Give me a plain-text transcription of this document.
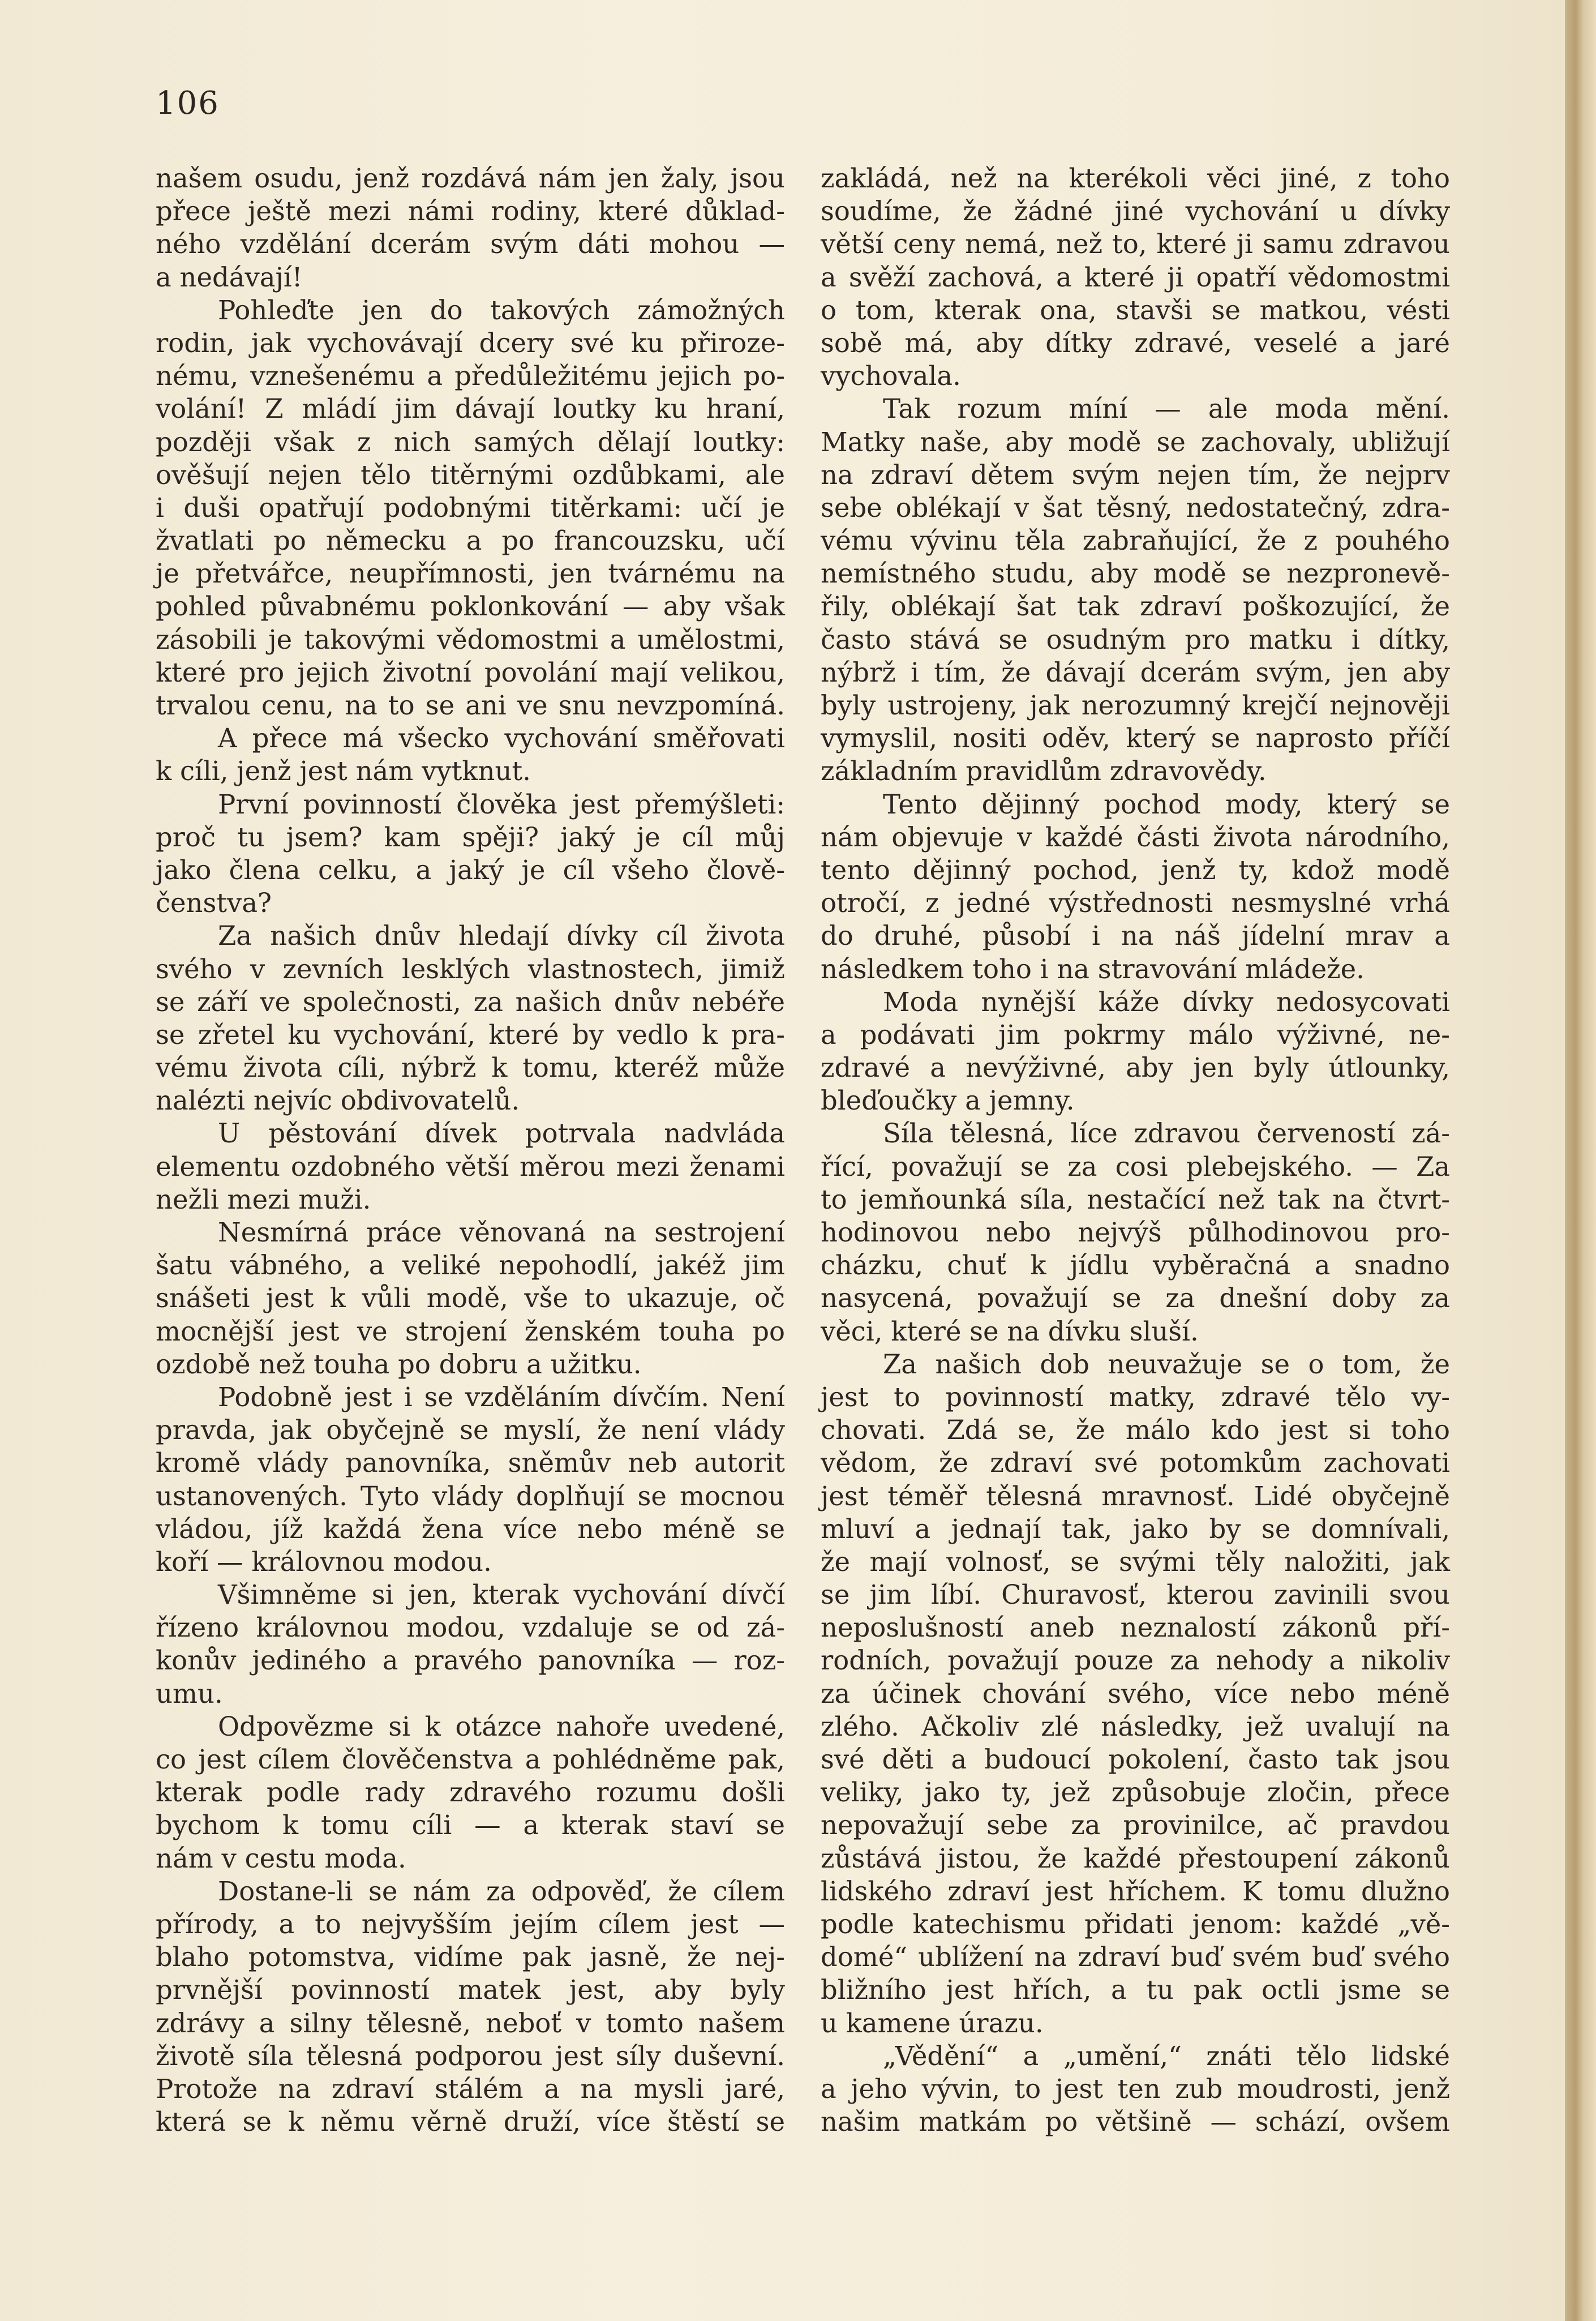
106
našem osudu, jenž rozdává nám jen žaly, jsou
přece ještě mezi námi rodiny, které důklad-
ného vzdělání dcerám svým dáti mohou —
a nedávají!
Pohleďte jen do takových zámožných
rodin, jak vychovávají dcery své ku přiroze-
nému, vznešenému a předůležitému jejich po-
volání! Z mládí jim dávají loutky ku hraní,
později však z nich samých dělají loutky:
ověšují nejen tělo titěrnými ozdůbkami, ale
i duši opatřují podobnými titěrkami: učí je
žvatlati po německu a po francouzsku, učí
je přetvářce, neupřímnosti, jen tvárnému na
pohled půvabnému poklonkování — aby však
zásobili je takovými vědomostmi a umělostmi,
které pro jejich životní povolání mají velikou,
trvalou cenu, na to se ani ve snu nevzpomíná.
A přece má všecko vychování směřovati
k cíli, jenž jest nám vytknut.
První povinností člověka jest přemýšleti:
proč tu jsem? kam spěji? jaký je cíl můj
jako člena celku, a jaký je cíl všeho člově-
čenstva?
Za našich dnův hledají dívky cíl života
svého v zevních lesklých vlastnostech, jimiž
se září ve společnosti, za našich dnův nebéře
se zřetel ku vychování, které by vedlo k pra-
vému života cíli, nýbrž k tomu, kteréž může
nalézti nejvíc obdivovatelů.
U pěstování dívek potrvala nadvláda
elementu ozdobného větší měrou mezi ženami
nežli mezi muži.
Nesmírná práce věnovaná na sestrojení
šatu vábného, a veliké nepohodlí, jakéž jim
snášeti jest k vůli modě, vše to ukazuje, oč
mocnější jest ve strojení ženském touha po
ozdobě než touha po dobru a užitku.
Podobně jest i se vzděláním dívčím. Není
pravda, jak obyčejně se myslí, že není vlády
kromě vlády panovníka, sněmův neb autorit
ustanovených. Tyto vlády doplňují se mocnou
vládou, jíž každá žena více nebo méně se
koří — královnou modou.
Všimněme si jen, kterak vychování dívčí
řízeno královnou modou, vzdaluje se od zá-
konův jediného a pravého panovníka — roz-
umu.
Odpovězme si k otázce nahoře uvedené,
co jest cílem člověčenstva a pohlédněme pak,
kterak podle rady zdravého rozumu došli
bychom k tomu cíli — a kterak staví se
nám v cestu moda.
Dostane-li se nám za odpověď, že cílem
přírody, a to nejvyšším jejím cílem jest —
blaho potomstva, vidíme pak jasně, že nej-
prvnější povinností matek jest, aby byly
zdrávy a silny tělesně, neboť v tomto našem
životě síla tělesná podporou jest síly duševní.
Protože na zdraví stálém a na mysli jaré,
která se k němu věrně druží, více štěstí se
zakládá, než na kterékoli věci jiné, z toho
soudíme, že žádné jiné vychování u dívky
větší ceny nemá, než to, které ji samu zdravou
a svěží zachová, a které ji opatří vědomostmi
o tom, kterak ona, stavši se matkou, vésti
sobě má, aby dítky zdravé, veselé a jaré
vychovala.
Tak rozum míní — ale moda mění.
Matky naše, aby modě se zachovaly, ubližují
na zdraví dětem svým nejen tím, že nejprv
sebe oblékají v šat těsný, nedostatečný, zdra-
vému vývinu těla zabraňující, že z pouhého
nemístného studu, aby modě se nezpronevě-
řily, oblékají šat tak zdraví poškozující, že
často stává se osudným pro matku i dítky,
nýbrž i tím, že dávají dcerám svým, jen aby
byly ustrojeny, jak nerozumný krejčí nejnověji
vymyslil, nositi oděv, který se naprosto příčí
základním pravidlům zdravovědy.
Tento dějinný pochod mody, který se
nám objevuje v každé části života národního,
tento dějinný pochod, jenž ty, kdož modě
otročí, z jedné výstřednosti nesmyslné vrhá
do druhé, působí i na náš jídelní mrav a
následkem toho i na stravování mládeže.
Moda nynější káže dívky nedosycovati
a podávati jim pokrmy málo výživné, ne-
zdravé a nevýživné, aby jen byly útlounky,
bleďoučky a jemny.
Síla tělesná, líce zdravou červeností zá-
řící, považují se za cosi plebejského. — Za
to jemňounká síla, nestačící než tak na čtvrt-
hodinovou nebo nejvýš půlhodinovou pro-
cházku, chuť k jídlu vyběračná a snadno
nasycená, považují se za dnešní doby za
věci, které se na dívku sluší.
Za našich dob neuvažuje se o tom, že
jest to povinností matky, zdravé tělo vy-
chovati. Zdá se, že málo kdo jest si toho
vědom, že zdraví své potomkům zachovati
jest téměř tělesná mravnosť. Lidé obyčejně
mluví a jednají tak, jako by se domnívali,
že mají volnosť, se svými těly naložiti, jak
se jim líbí. Churavosť, kterou zavinili svou
neposlušností aneb neznalostí zákonů pří-
rodních, považují pouze za nehody a nikoliv
za účinek chování svého, více nebo méně
zlého. Ačkoliv zlé následky, jež uvalují na
své děti a budoucí pokolení, často tak jsou
veliky, jako ty, jež způsobuje zločin, přece
nepovažují sebe za provinilce, ač pravdou
zůstává jistou, že každé přestoupení zákonů
lidského zdraví jest hříchem. K tomu dlužno
podle katechismu přidati jenom: každé „vě-
domé“ ublížení na zdraví buď svém buď svého
bližního jest hřích, a tu pak octli jsme se
u kamene úrazu.
„Vědění“ a „umění,“ znáti tělo lidské
a jeho vývin, to jest ten zub moudrosti, jenž
našim matkám po většině — schází, ovšem
